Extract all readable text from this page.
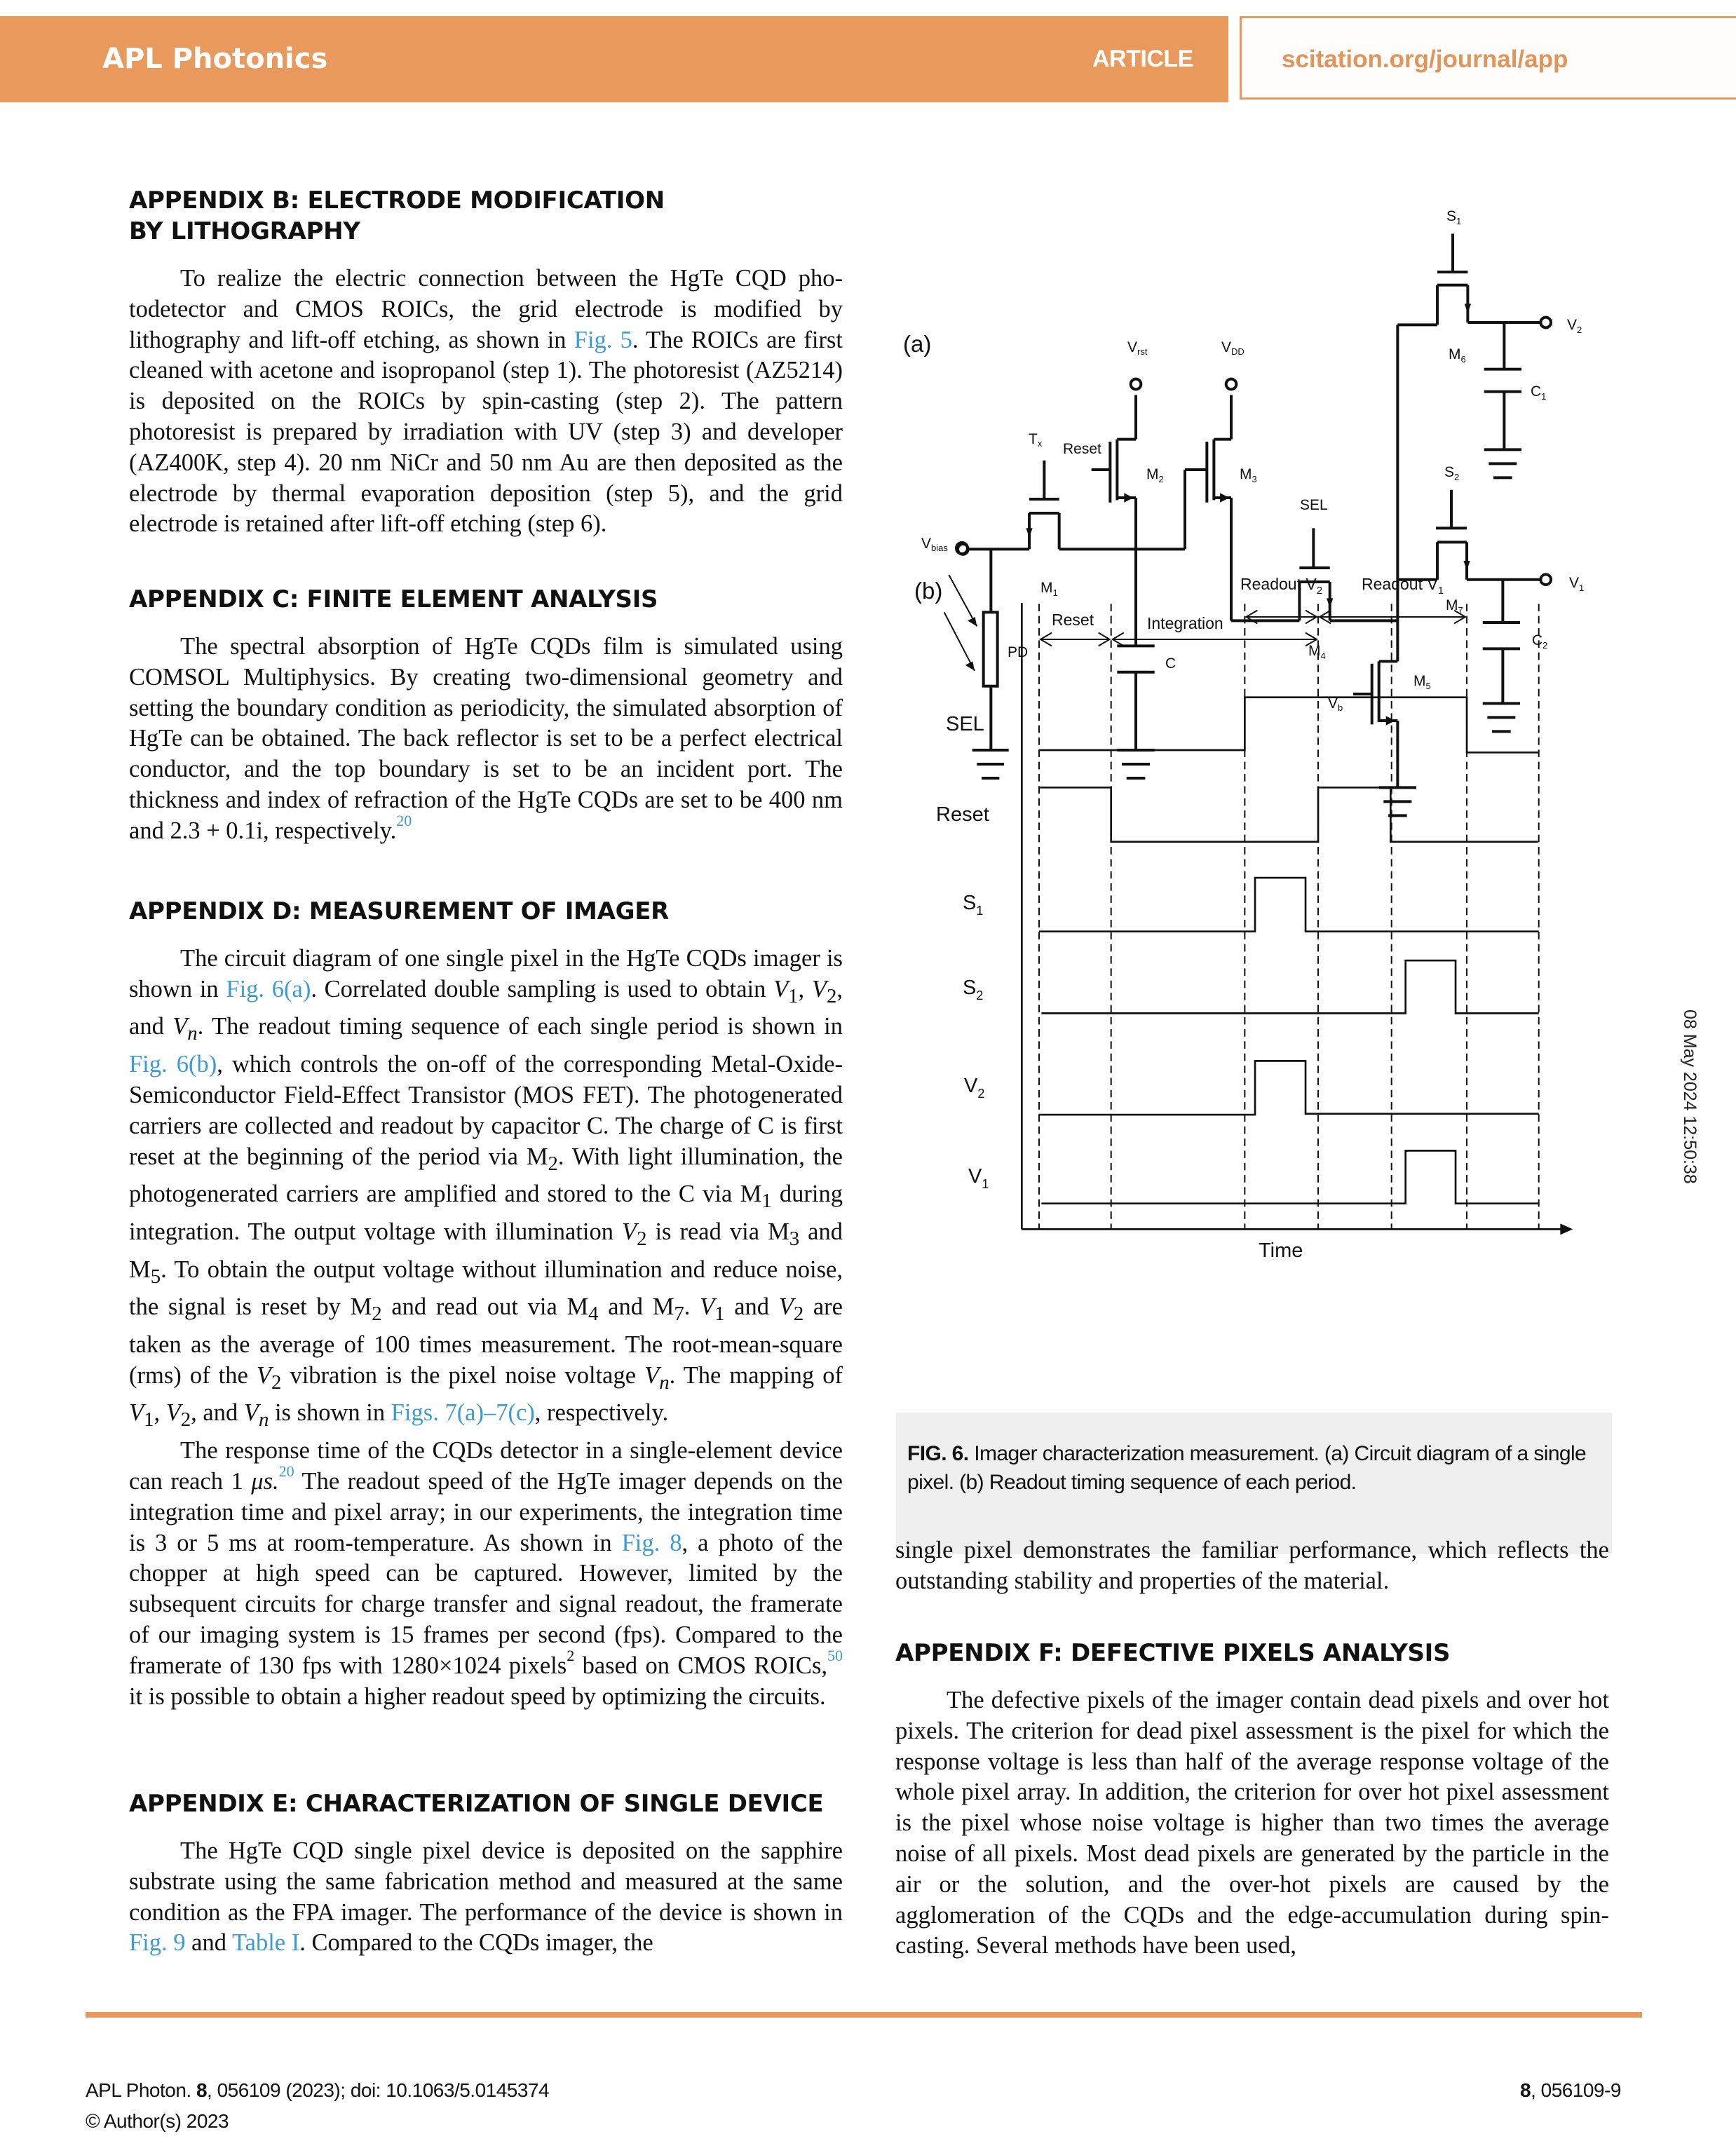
APL Photonics	ARTICLE	scitation.org/journal/app
APPENDIX B: ELECTRODE MODIFICATION
BY LITHOGRAPHY

To realize the electric connection between the HgTe CQD photodetector and CMOS ROICs, the grid electrode is modified by lithography and lift-off etching, as shown in Fig. 5. The ROICs are first cleaned with acetone and isopropanol (step 1). The photoresist (AZ5214) is deposited on the ROICs by spin-casting (step 2). The pattern photoresist is prepared by irradiation with UV (step 3) and developer (AZ400K, step 4). 20 nm NiCr and 50 nm Au are then deposited as the electrode by thermal evaporation deposition (step 5), and the grid electrode is retained after lift-off etching (step 6).

APPENDIX C: FINITE ELEMENT ANALYSIS

The spectral absorption of HgTe CQDs film is simulated using COMSOL Multiphysics. By creating two-dimensional geometry and setting the boundary condition as periodicity, the simulated absorption of HgTe can be obtained. The back reflector is set to be a perfect electrical conductor, and the top boundary is set to be an incident port. The thickness and index of refraction of the HgTe CQDs are set to be 400 nm and 2.3 + 0.1i, respectively.$^{20}$

APPENDIX D: MEASUREMENT OF IMAGER

The circuit diagram of one single pixel in the HgTe CQDs imager is shown in Fig. 6(a). Correlated double sampling is used to obtain $V_1$, $V_2$, and $V_n$. The readout timing sequence of each single period is shown in Fig. 6(b), which controls the on-off of the corresponding Metal-Oxide-Semiconductor Field-Effect Transistor (MOS FET). The photogenerated carriers are collected and readout by capacitor C. The charge of C is first reset at the beginning of the period via $M_2$. With light illumination, the photogenerated carriers are amplified and stored to the C via $M_1$ during integration. The output voltage with illumination $V_2$ is read via $M_3$ and $M_5$. To obtain the output voltage without illumination and reduce noise, the signal is reset by $M_2$ and read out via $M_4$ and $M_7$. $V_1$ and $V_2$ are taken as the average of 100 times measurement. The root-mean-square (rms) of the $V_2$ vibration is the pixel noise voltage $V_n$. The mapping of $V_1$, $V_2$, and $V_n$ is shown in Figs. 7(a)–7(c), respectively.

The response time of the CQDs detector in a single-element device can reach 1 μs.$^{20}$ The readout speed of the HgTe imager depends on the integration time and pixel array; in our experiments, the integration time is 3 or 5 ms at room-temperature. As shown in Fig. 8, a photo of the chopper at high speed can be captured. However, limited by the subsequent circuits for charge transfer and signal readout, the framerate of our imaging system is 15 frames per second (fps). Compared to the framerate of 130 fps with 1280×1024 pixels$^2$ based on CMOS ROICs,$^{50}$ it is possible to obtain a higher readout speed by optimizing the circuits.

APPENDIX E: CHARACTERIZATION OF SINGLE DEVICE

The HgTe CQD single pixel device is deposited on the sapphire substrate using the same fabrication method and measured at the same condition as the FPA imager. The performance of the device is shown in Fig. 9 and Table I. Compared to the CQDs imager, the

(a)
Vbias
PD
Tx
$M_1$
Reset
$M_2$
Vrst	VDD
$M_3$
C
SEL
$M_4$
Vb
$M_5$
$S_1$
$M_6$
$C_1$
$V_2$
$S_2$
$M_7$
$C_2$
$V_1$
(b)	Readout $V_2$ Readout $V_1$
Reset	Integration
SEL
Reset
$S_1$
$S_2$
$V_2$
$V_1$
Time
FIG. 6. Imager characterization measurement. (a) Circuit diagram of a single pixel. (b) Readout timing sequence of each period.

single pixel demonstrates the familiar performance, which reflects the outstanding stability and properties of the material.

APPENDIX F: DEFECTIVE PIXELS ANALYSIS

The defective pixels of the imager contain dead pixels and over hot pixels. The criterion for dead pixel assessment is the pixel for which the response voltage is less than half of the average response voltage of the whole pixel array. In addition, the criterion for over hot pixel assessment is the pixel whose noise voltage is higher than two times the average noise of all pixels. Most dead pixels are generated by the particle in the air or the solution, and the over-hot pixels are caused by the agglomeration of the CQDs and the edge-accumulation during spin-casting. Several methods have been used,

08 May 2024 12:50:38
APL Photon. 8, 056109 (2023); doi: 10.1063/5.0145374
© Author(s) 2023
8, 056109-9
